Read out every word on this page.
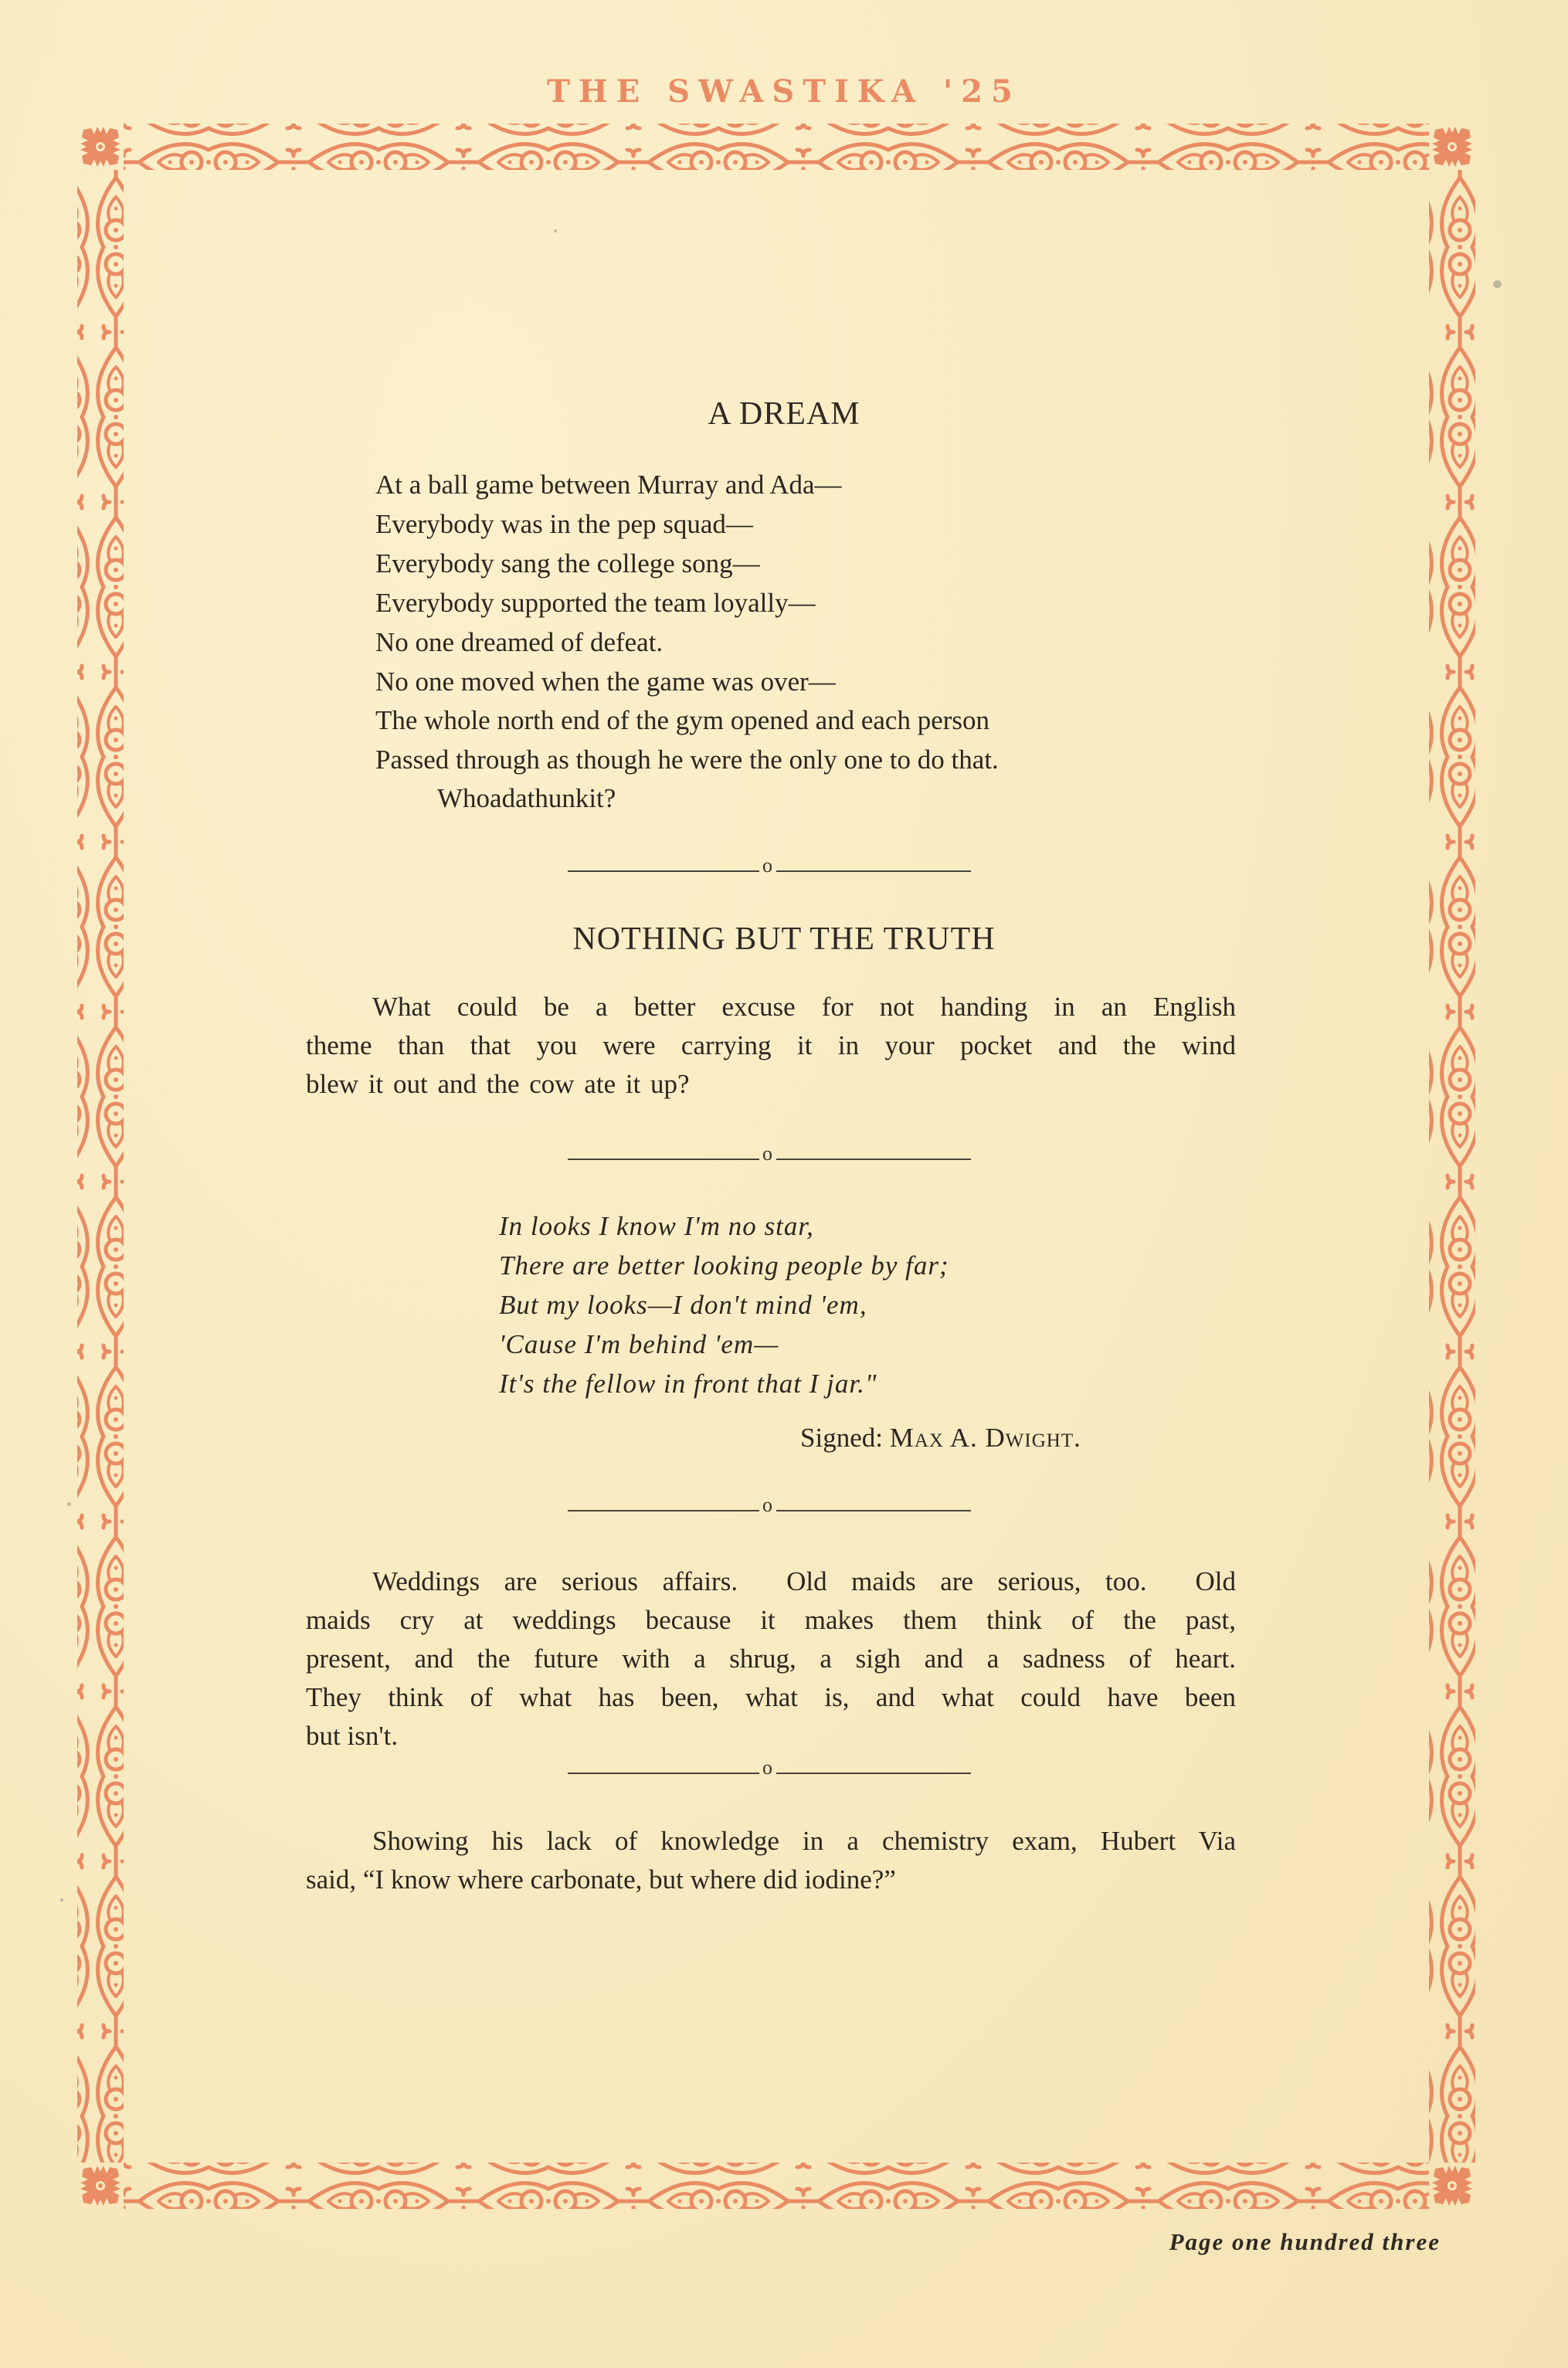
THE SWASTIKA '25
A DREAM
At a ball game between Murray and Ada—
Everybody was in the pep squad—
Everybody sang the college song—
Everybody supported the team loyally—
No one dreamed of defeat.
No one moved when the game was over—
The whole north end of the gym opened and each person
Passed through as though he were the only one to do that.
Whoadathunkit?
o
NOTHING BUT THE TRUTH
What could be a better excuse for not handing in an English
theme than that you were carrying it in your pocket and the wind
blew it out and the cow ate it up?
o
In looks I know I'm no star,
There are better looking people by far;
But my looks—I don't mind 'em,
'Cause I'm behind 'em—
It's the fellow in front that I jar."
Signed: Max A. Dwight.
o
Weddings are serious affairs.  Old maids are serious, too.  Old
maids cry at weddings because it makes them think of the past,
present, and the future with a shrug, a sigh and a sadness of heart.
They think of what has been, what is, and what could have been
but isn't.
o
Showing his lack of knowledge in a chemistry exam, Hubert Via
said, “I know where carbonate, but where did iodine?”
Page one hundred three
